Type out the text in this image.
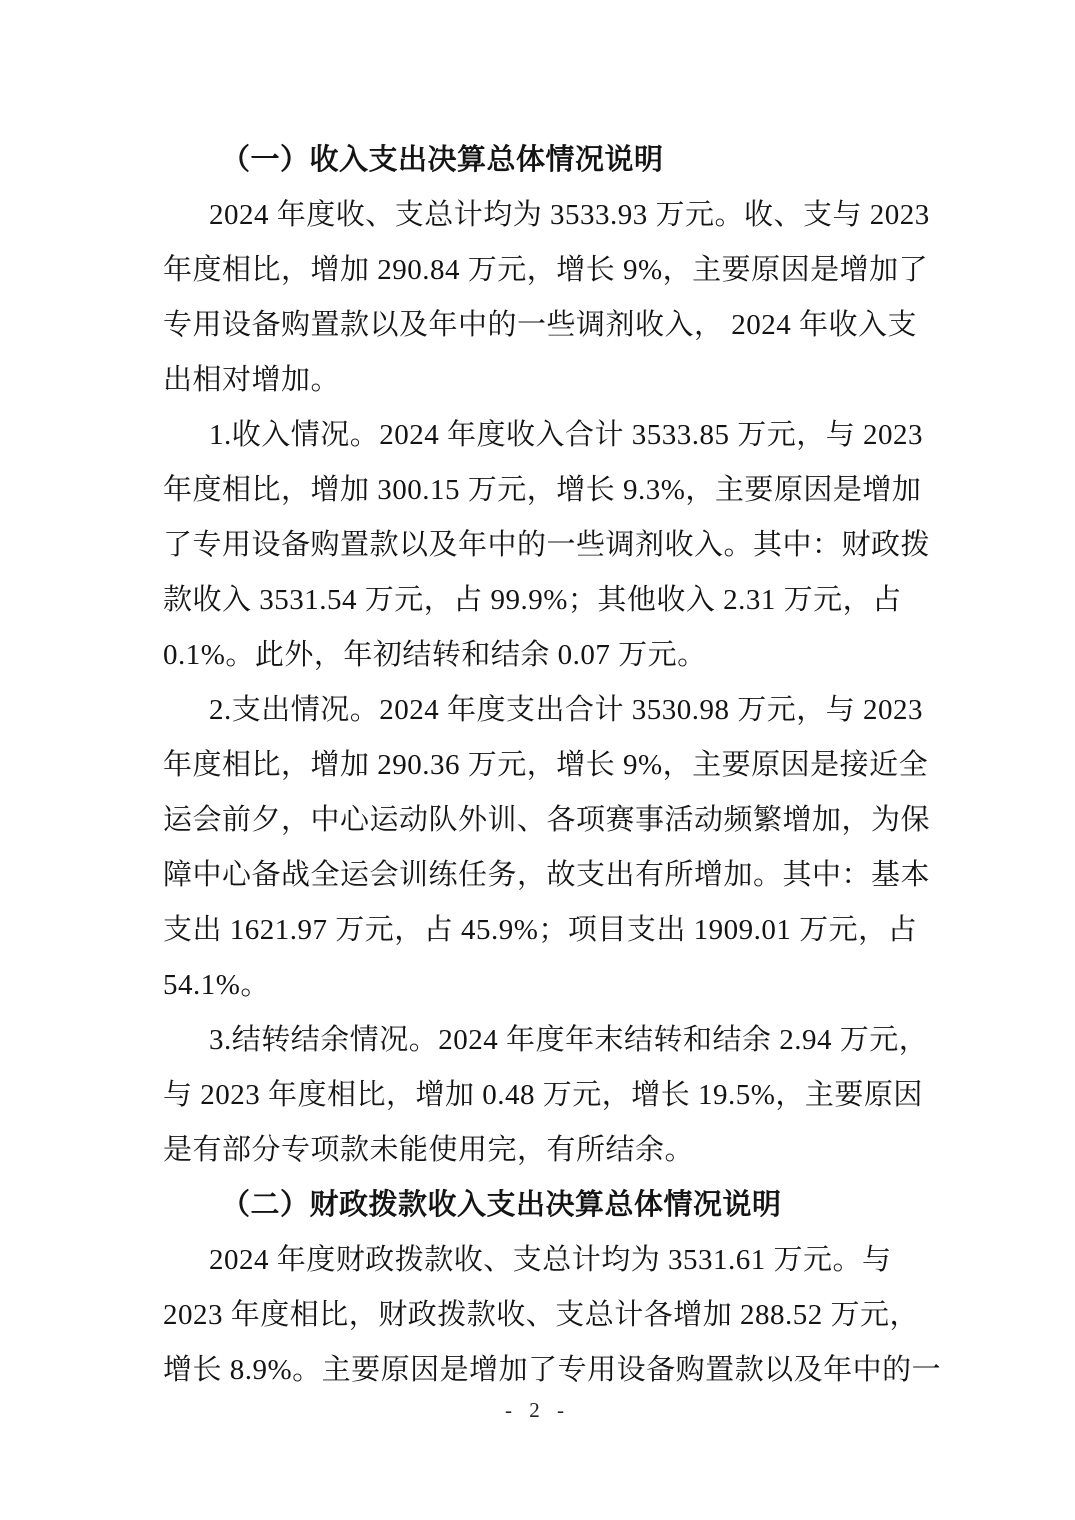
（一）收入支出决算总体情况说明
2024 年度收、支总计均为 3533.93 万元。收、支与 2023
年度相比，增加 290.84 万元，增长 9%，主要原因是增加了
专用设备购置款以及年中的一些调剂收入， 2024 年收入支
出相对增加。
1.收入情况。2024 年度收入合计 3533.85 万元，与 2023
年度相比，增加 300.15 万元，增长 9.3%，主要原因是增加
了专用设备购置款以及年中的一些调剂收入。其中：财政拨
款收入 3531.54 万元，占 99.9%；其他收入 2.31 万元，占
0.1%。此外，年初结转和结余 0.07 万元。
2.支出情况。2024 年度支出合计 3530.98 万元，与 2023
年度相比，增加 290.36 万元，增长 9%，主要原因是接近全
运会前夕，中心运动队外训、各项赛事活动频繁增加，为保
障中心备战全运会训练任务，故支出有所增加。其中：基本
支出 1621.97 万元，占 45.9%；项目支出 1909.01 万元，占
54.1%。
3.结转结余情况。2024 年度年末结转和结余 2.94 万元，
与 2023 年度相比，增加 0.48 万元，增长 19.5%，主要原因
是有部分专项款未能使用完，有所结余。
（二）财政拨款收入支出决算总体情况说明
2024 年度财政拨款收、支总计均为 3531.61 万元。与
2023 年度相比，财政拨款收、支总计各增加 288.52 万元，
增长 8.9%。主要原因是增加了专用设备购置款以及年中的一
- 2 -
